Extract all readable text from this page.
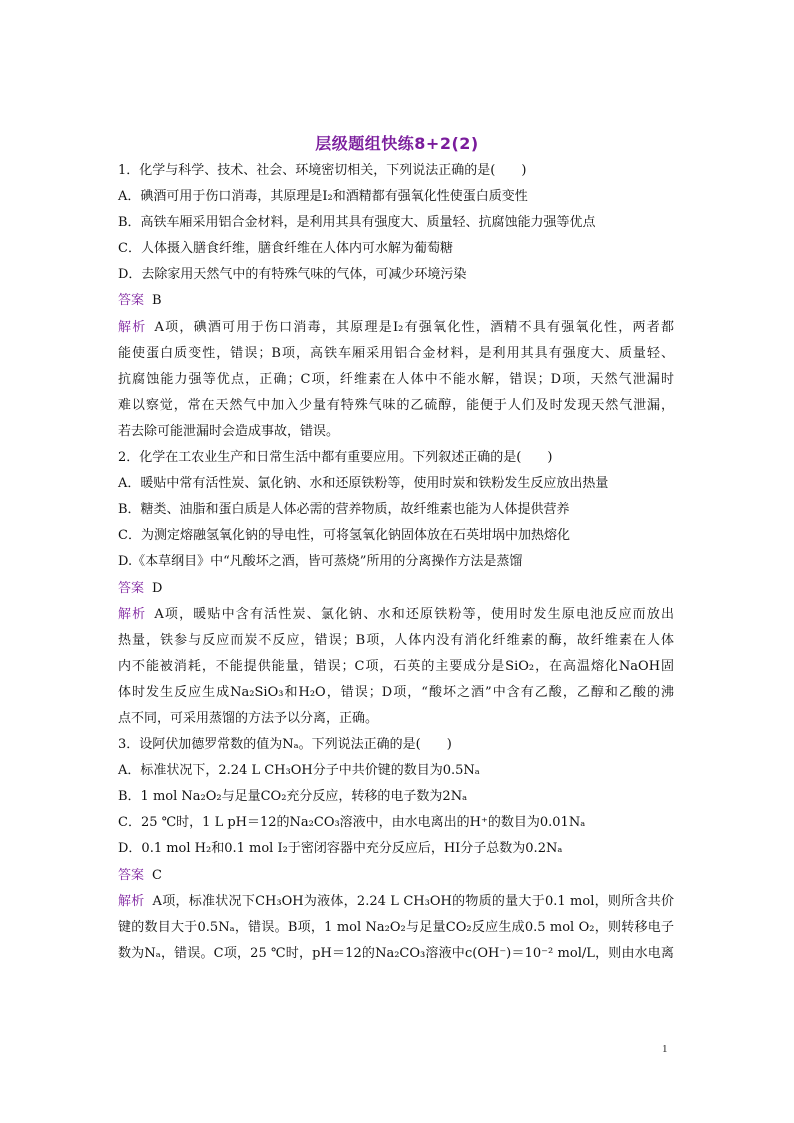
层级题组快练8+2(2)
1．化学与科学、技术、社会、环境密切相关，下列说法正确的是(　　)
A．碘酒可用于伤口消毒，其原理是I₂和酒精都有强氧化性使蛋白质变性
B．高铁车厢采用铝合金材料，是利用其具有强度大、质量轻、抗腐蚀能力强等优点
C．人体摄入膳食纤维，膳食纤维在人体内可水解为葡萄糖
D．去除家用天然气中的有特殊气味的气体，可减少环境污染
答案 B
解析 A项，碘酒可用于伤口消毒，其原理是I₂有强氧化性，酒精不具有强氧化性，两者都
能使蛋白质变性，错误；B项，高铁车厢采用铝合金材料，是利用其具有强度大、质量轻、
抗腐蚀能力强等优点，正确；C项，纤维素在人体中不能水解，错误；D项，天然气泄漏时
难以察觉，常在天然气中加入少量有特殊气味的乙硫醇，能便于人们及时发现天然气泄漏，
若去除可能泄漏时会造成事故，错误。
2．化学在工农业生产和日常生活中都有重要应用。下列叙述正确的是(　　)
A．暖贴中常有活性炭、氯化钠、水和还原铁粉等，使用时炭和铁粉发生反应放出热量
B．糖类、油脂和蛋白质是人体必需的营养物质，故纤维素也能为人体提供营养
C．为测定熔融氢氧化钠的导电性，可将氢氧化钠固体放在石英坩埚中加热熔化
D.《本草纲目》中“凡酸坏之酒，皆可蒸烧”所用的分离操作方法是蒸馏
答案 D
解析 A项，暖贴中含有活性炭、氯化钠、水和还原铁粉等，使用时发生原电池反应而放出
热量，铁参与反应而炭不反应，错误；B项，人体内没有消化纤维素的酶，故纤维素在人体
内不能被消耗，不能提供能量，错误；C项，石英的主要成分是SiO₂，在高温熔化NaOH固
体时发生反应生成Na₂SiO₃和H₂O，错误；D项，“酸坏之酒”中含有乙酸，乙醇和乙酸的沸
点不同，可采用蒸馏的方法予以分离，正确。
3．设阿伏加德罗常数的值为Nₐ。下列说法正确的是(　　)
A．标准状况下，2.24 L CH₃OH分子中共价键的数目为0.5Nₐ
B．1 mol Na₂O₂与足量CO₂充分反应，转移的电子数为2Nₐ
C．25 ℃时，1 L pH＝12的Na₂CO₃溶液中，由水电离出的H⁺的数目为0.01Nₐ
D．0.1 mol H₂和0.1 mol I₂于密闭容器中充分反应后，HI分子总数为0.2Nₐ
答案 C
解析 A项，标准状况下CH₃OH为液体，2.24 L CH₃OH的物质的量大于0.1 mol，则所含共价
键的数目大于0.5Nₐ，错误。B项，1 mol Na₂O₂与足量CO₂反应生成0.5 mol O₂，则转移电子
数为Nₐ，错误。C项，25 ℃时，pH＝12的Na₂CO₃溶液中c(OH⁻)＝10⁻² mol/L，则由水电离
1
